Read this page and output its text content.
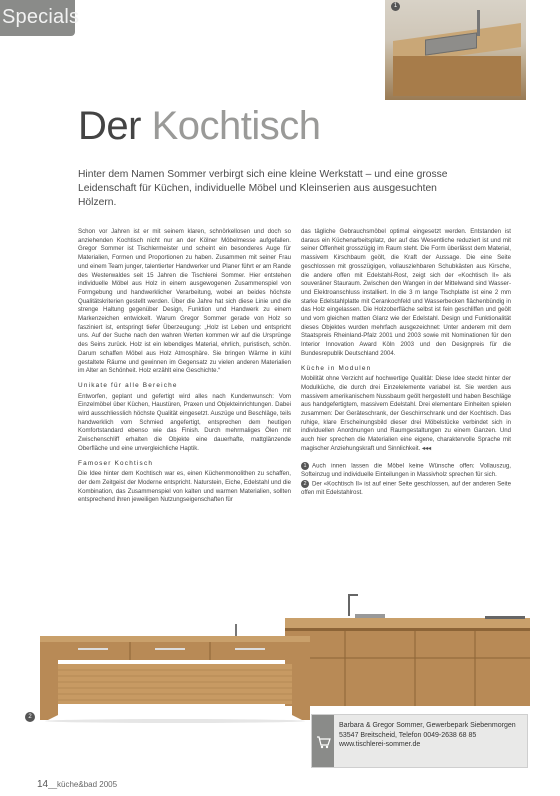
Specials	1
Der Kochtisch
Hinter dem Namen Sommer verbirgt sich eine kleine Werkstatt – und eine grosse Leidenschaft für Küchen, individuelle Möbel und Kleinserien aus ausgesuchten Hölzern.

Schon vor Jahren ist er mit seinem klaren, schnörkellosen und doch so anziehenden Kochtisch nicht nur an der Kölner Möbelmesse aufgefallen. Gregor Sommer ist Tischlermeister und scheint ein besonderes Auge für Materialien, Formen und Proportionen zu haben. Zusammen mit seiner Frau und einem Team junger, talentierter Handwerker und Planer führt er am Rande des Westerwaldes seit 15 Jahren die Tischlerei Sommer. Hier entstehen individuelle Möbel aus Holz in einem ausgewogenen Zusammenspiel von Formgebung und handwerklicher Verarbeitung, wobei an beides höchste Qualitätskriterien gestellt werden. Über die Jahre hat sich diese Linie und die strenge Haltung gegenüber Design, Funktion und Handwerk zu einem Markenzeichen entwickelt. Warum Gregor Sommer gerade von Holz so fasziniert ist, entspringt tiefer Überzeugung: „Holz ist Leben und entspricht uns. Auf der Suche nach den wahren Werten kommen wir auf die Ursprünge des Seins zurück. Holz ist ein lebendiges Material, ehrlich, puristisch, schön. Darum schaffen Möbel aus Holz Atmosphäre. Sie bringen Wärme in kühl gestaltete Räume und gewinnen im Gegensatz zu vielen anderen Materialien im Alter an Schönheit. Holz erzählt eine Geschichte.“

Unikate für alle Bereiche

Entworfen, geplant und gefertigt wird alles nach Kundenwunsch: Vom Einzelmöbel über Küchen, Haustüren, Praxen und Objekteinrichtungen. Dabei wird ausschliesslich höchste Qualität eingesetzt. Auszüge und Beschläge, teils handwerklich vom Schmied angefertigt, entsprechen dem heutigen Komfortstandard ebenso wie das Finish. Durch mehrmaliges Ölen mit Zwischenschliff erhalten die Objekte eine dauerhafte, mattglänzende Oberfläche und eine unvergleichliche Haptik.

Famoser Kochtisch

Die Idee hinter dem Kochtisch war es, einen Küchenmonolithen zu schaffen, der dem Zeitgeist der Moderne entspricht. Naturstein, Eiche, Edelstahl und die Kombination, das Zusammenspiel von kalten und warmen Materialien, sollten entsprechend ihren jeweiligen Nutzungseigenschaften für

das tägliche Gebrauchsmöbel optimal eingesetzt werden. Entstanden ist daraus ein Küchenarbeitsplatz, der auf das Wesentliche reduziert ist und mit seiner Offenheit grosszügig im Raum steht. Die Form überlässt dem Material, massivem Kirschbaum geölt, die Kraft der Aussage. Die eine Seite geschlossen mit grosszügigen, vollausziehbaren Schubkästen aus Kirsche, die andere offen mit Edelstahl-Rost, zeigt sich der «Kochtisch II» als souveräner Stauraum. Zwischen den Wangen in der Mittelwand sind Wasser- und Elektroanschluss installiert. In die 3 m lange Tischplatte ist eine 2 mm starke Edelstahlplatte mit Cerankochfeld und Wasserbecken flächenbündig in das Holz eingelassen. Die Holzoberfläche selbst ist fein geschliffen und geölt und vom gleichen matten Glanz wie der Edelstahl. Design und Funktionalität dieses Objektes wurden mehrfach ausgezeichnet: Unter anderem mit dem Staatspreis Rheinland-Pfalz 2001 und 2003 sowie mit Nominationen für den Interior Innovation Award Köln 2003 und den Designpreis für die Bundesrepublik Deutschland 2004.

Küche in Modulen

Mobilität ohne Verzicht auf hochwertige Qualität: Diese Idee steckt hinter der Modulküche, die durch drei Einzelelemente variabel ist. Sie werden aus massivem amerikanischem Nussbaum geölt hergestellt und haben Beschläge aus handgefertigtem, massivem Edelstahl. Drei elementare Einheiten spielen zusammen: Der Geräteschrank, der Geschirrschrank und der Kochtisch. Das ruhige, klare Erscheinungsbild dieser drei Möbelstücke verbindet sich in individuellen Anordnungen und Raumgestaltungen zu einem Ganzen. Und auch hier sprechen die Materialien eine eigene, charaktervolle Sprache mit magischer Anziehungskraft und Sinnlichkeit. ◂◂◂

1 Auch innen lassen die Möbel keine Wünsche offen: Vollauszug, Softeinzug und individuelle Einteilungen in Massivholz sprechen für sich.

2 Der «Kochtisch II» ist auf einer Seite geschlossen, auf der anderen Seite offen mit Edelstahlrost.

2
Barbara & Gregor Sommer, Gewerbepark Siebenmorgen
53547 Breitscheid, Telefon 0049-2638 68 85
www.tischlerei-sommer.de
14__küche&bad 2005
